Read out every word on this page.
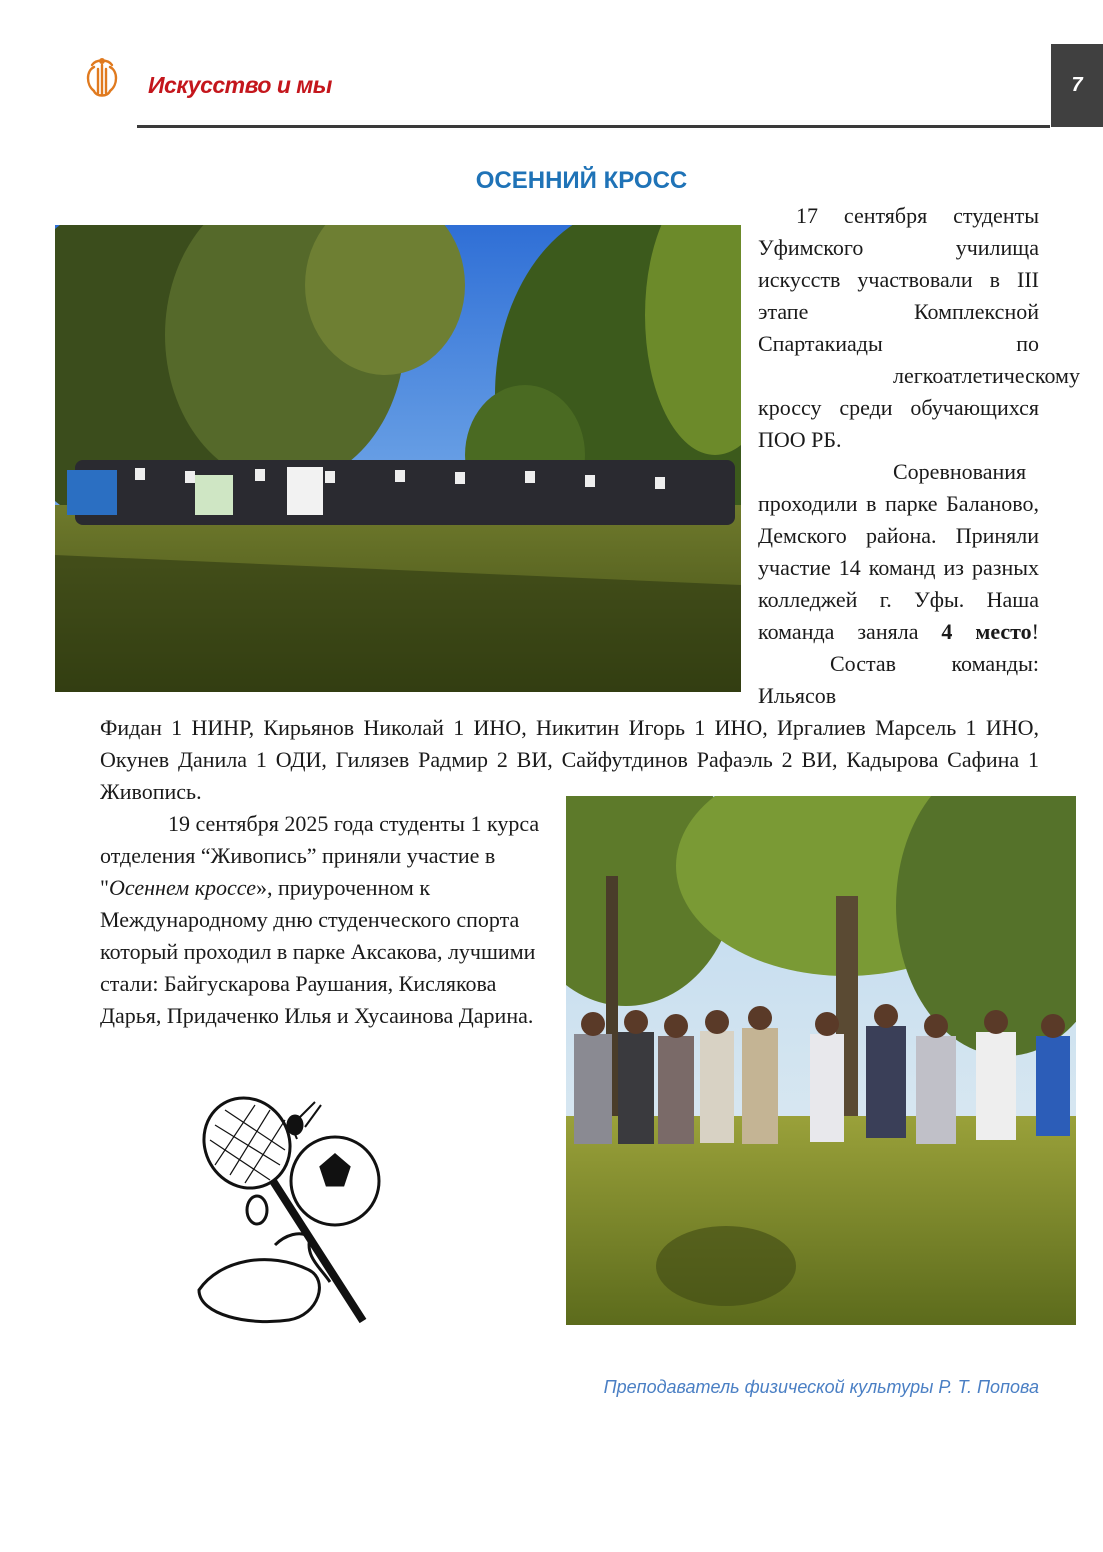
Искусство и мы	7
ОСЕННИЙ КРОСС

17 сентября студенты Уфимского училища искусств участвовали в III этапе Комплексной Спартакиады по

легкоатлетическому кроссу среди обучающихся ПОО РБ.

Соревнования проходили в парке Баланово, Демского района. Приняли участие 14 команд из разных колледжей г. Уфы. Наша команда заняла 4 место!

Состав команды: Ильясов

Фидан 1 НИНР, Кирьянов Николай 1 ИНО, Никитин Игорь 1 ИНО, Иргалиев Марсель 1 ИНО, Окунев Данила 1 ОДИ, Гилязев Радмир 2 ВИ, Сайфутдинов Рафаэль 2 ВИ, Кадырова Сафина 1 Живопись.

19 сентября 2025 года студенты 1 курса отделения “Живопись” приняли участие в "Осеннем кроссе», приуроченном к Международному дню студенческого спорта который проходил в парке Аксакова, лучшими стали: Байгускарова Раушания, Кислякова Дарья, Придаченко Илья и Хусаинова Дарина.

Преподаватель физической культуры Р. Т. Попова
